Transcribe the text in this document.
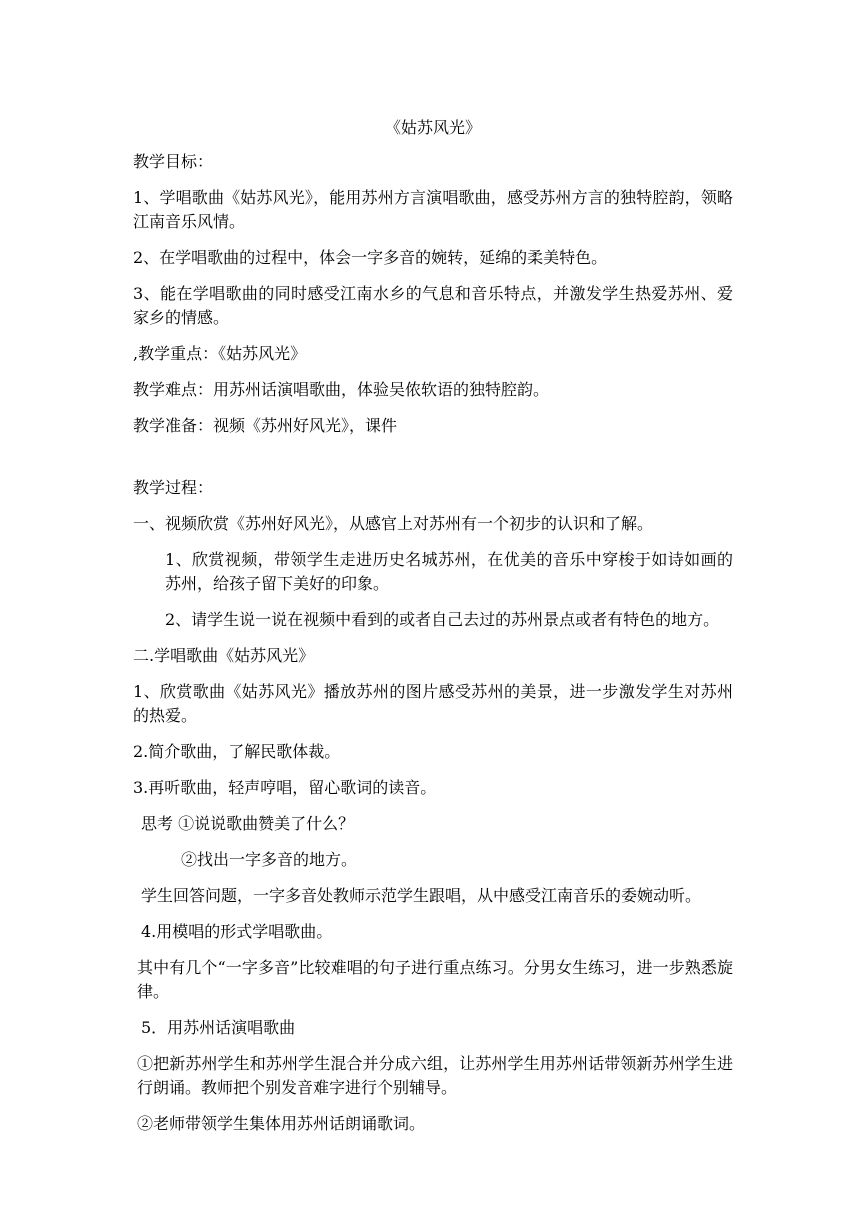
《姑苏风光》

教学目标：

1、学唱歌曲《姑苏风光》，能用苏州方言演唱歌曲，感受苏州方言的独特腔韵，领略江南音乐风情。

2、在学唱歌曲的过程中，体会一字多音的婉转，延绵的柔美特色。

3、能在学唱歌曲的同时感受江南水乡的气息和音乐特点，并激发学生热爱苏州、爱家乡的情感。

,教学重点：《姑苏风光》

教学难点：用苏州话演唱歌曲，体验吴侬软语的独特腔韵。

教学准备：视频《苏州好风光》，课件

教学过程：

一、视频欣赏《苏州好风光》，从感官上对苏州有一个初步的认识和了解。

1、欣赏视频，带领学生走进历史名城苏州，在优美的音乐中穿梭于如诗如画的苏州，给孩子留下美好的印象。

2、请学生说一说在视频中看到的或者自己去过的苏州景点或者有特色的地方。

二.学唱歌曲《姑苏风光》

1、欣赏歌曲《姑苏风光》播放苏州的图片感受苏州的美景，进一步激发学生对苏州的热爱。

2.简介歌曲，了解民歌体裁。

3.再听歌曲，轻声哼唱，留心歌词的读音。

思考 ①说说歌曲赞美了什么？

②找出一字多音的地方。

学生回答问题，一字多音处教师示范学生跟唱，从中感受江南音乐的委婉动听。

4.用模唱的形式学唱歌曲。

其中有几个“一字多音”比较难唱的句子进行重点练习。分男女生练习，进一步熟悉旋律。

5．用苏州话演唱歌曲

①把新苏州学生和苏州学生混合并分成六组，让苏州学生用苏州话带领新苏州学生进行朗诵。教师把个别发音难字进行个别辅导。

②老师带领学生集体用苏州话朗诵歌词。
